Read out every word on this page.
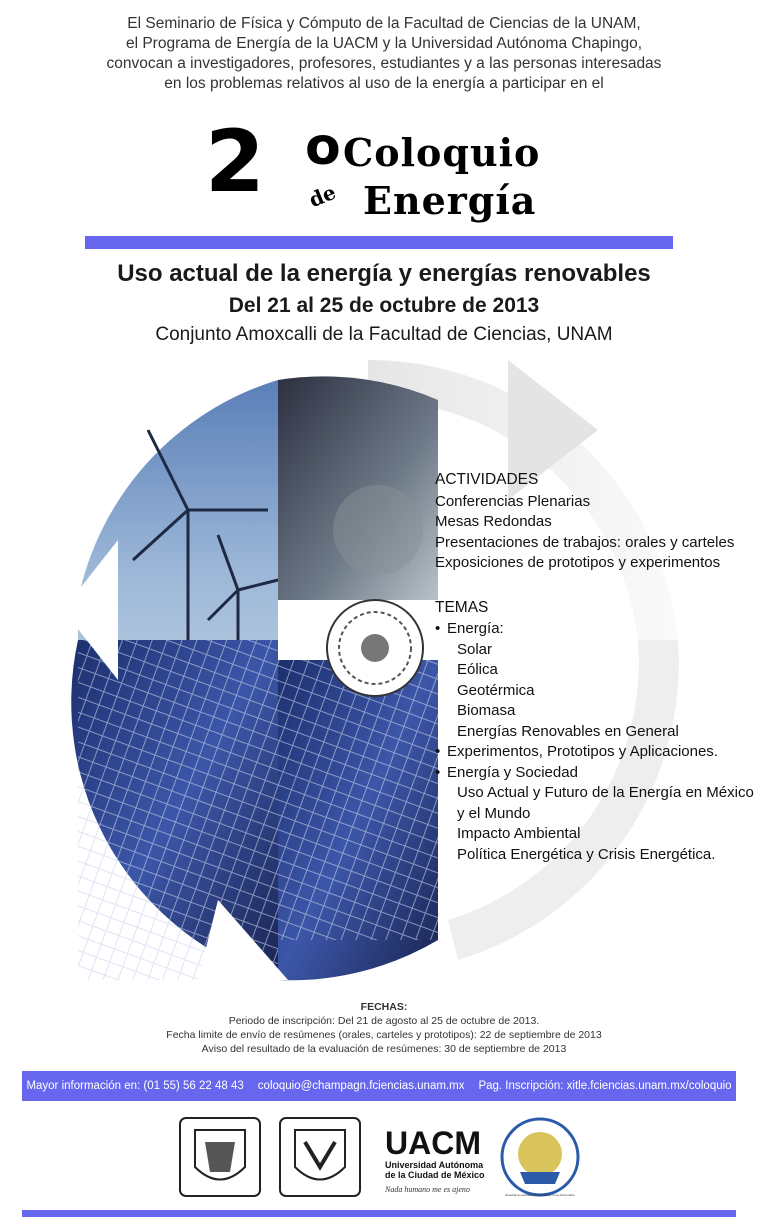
El Seminario de Física y Cómputo de la Facultad de Ciencias de la UNAM,
el Programa de Energía de la UACM y la Universidad Autónoma Chapingo,
convocan a investigadores, profesores, estudiantes y a las personas interesadas
en los problemas relativos al uso de la energía a participar en el
2 o Coloquio
de Energía
Uso actual de la energía y energías renovables
Del 21 al 25 de octubre de 2013
Conjunto Amoxcalli de la Facultad de Ciencias, UNAM
ACTIVIDADES
Conferencias Plenarias
Mesas Redondas
Presentaciones de trabajos: orales y carteles
Exposiciones de prototipos y experimentos
TEMAS
• Energía:
Solar
Eólica
Geotérmica
Biomasa
Energías Renovables en General
• Experimentos, Prototipos y Aplicaciones.
• Energía y Sociedad
Uso Actual y Futuro de la Energía en México
y el Mundo
Impacto Ambiental
Política Energética y Crisis Energética.
FECHAS:
Periodo de inscripción: Del 21 de agosto al 25 de octubre de 2013.
Fecha limite de envío de resúmenes (orales, carteles y prototipos): 22 de septiembre de 2013
Aviso del resultado de la evaluación de resúmenes: 30 de septiembre de 2013
Mayor información en: (01 55) 56 22 48 43 coloquio@champagn.fciencias.unam.mx Pag. Inscripción: xitle.fciencias.unam.mx/coloquio
UACM
Universidad Autónoma
de la Ciudad de México
Nada humano me es ajeno
Enseñar la explotación de la tierra, no la del hombre
